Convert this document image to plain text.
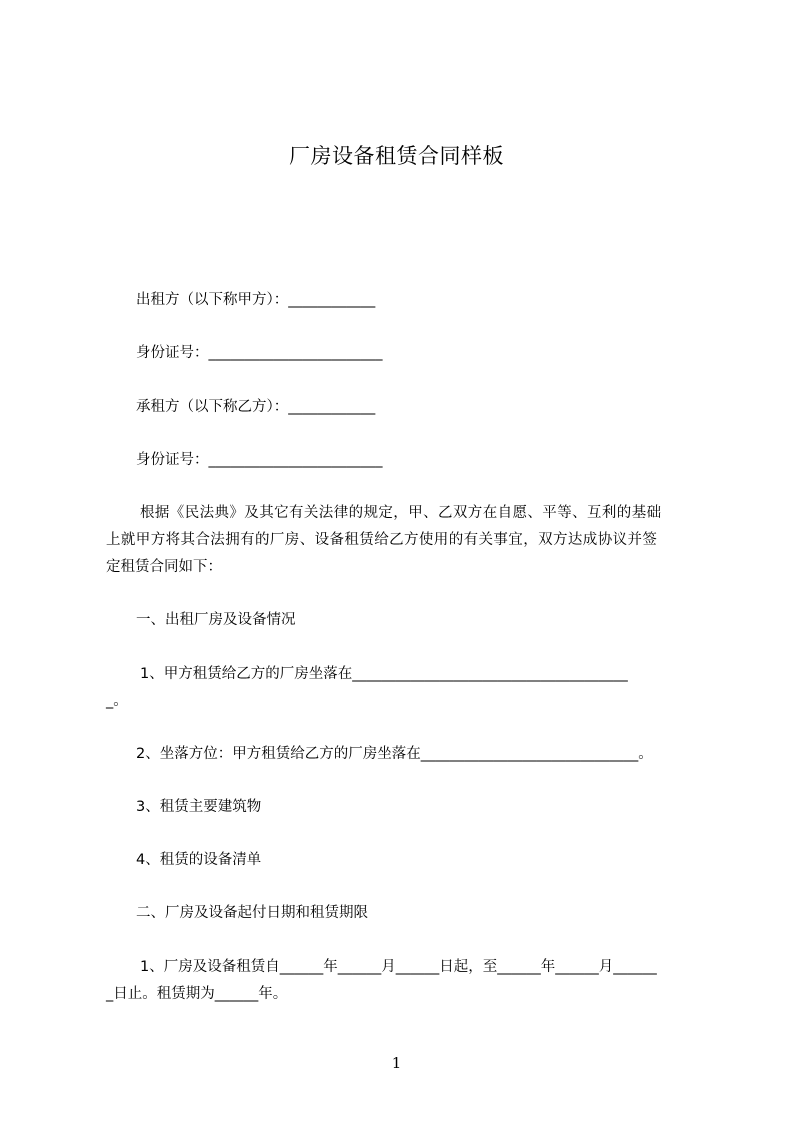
厂房设备租赁合同样板
出租方（以下称甲方）：____________
身份证号：________________________
承租方（以下称乙方）：____________
身份证号：________________________
根据《民法典》及其它有关法律的规定，甲、乙双方在自愿、平等、互利的基础
上就甲方将其合法拥有的厂房、设备租赁给乙方使用的有关事宜，双方达成协议并签
定租赁合同如下：
一、出租厂房及设备情况
1、甲方租赁给乙方的厂房坐落在______________________________________
_。
2、坐落方位：甲方租赁给乙方的厂房坐落在______________________________。
3、租赁主要建筑物
4、租赁的设备清单
二、厂房及设备起付日期和租赁期限
1、厂房及设备租赁自______年______月______日起，至______年______月______
_日止。租赁期为______年。
1
